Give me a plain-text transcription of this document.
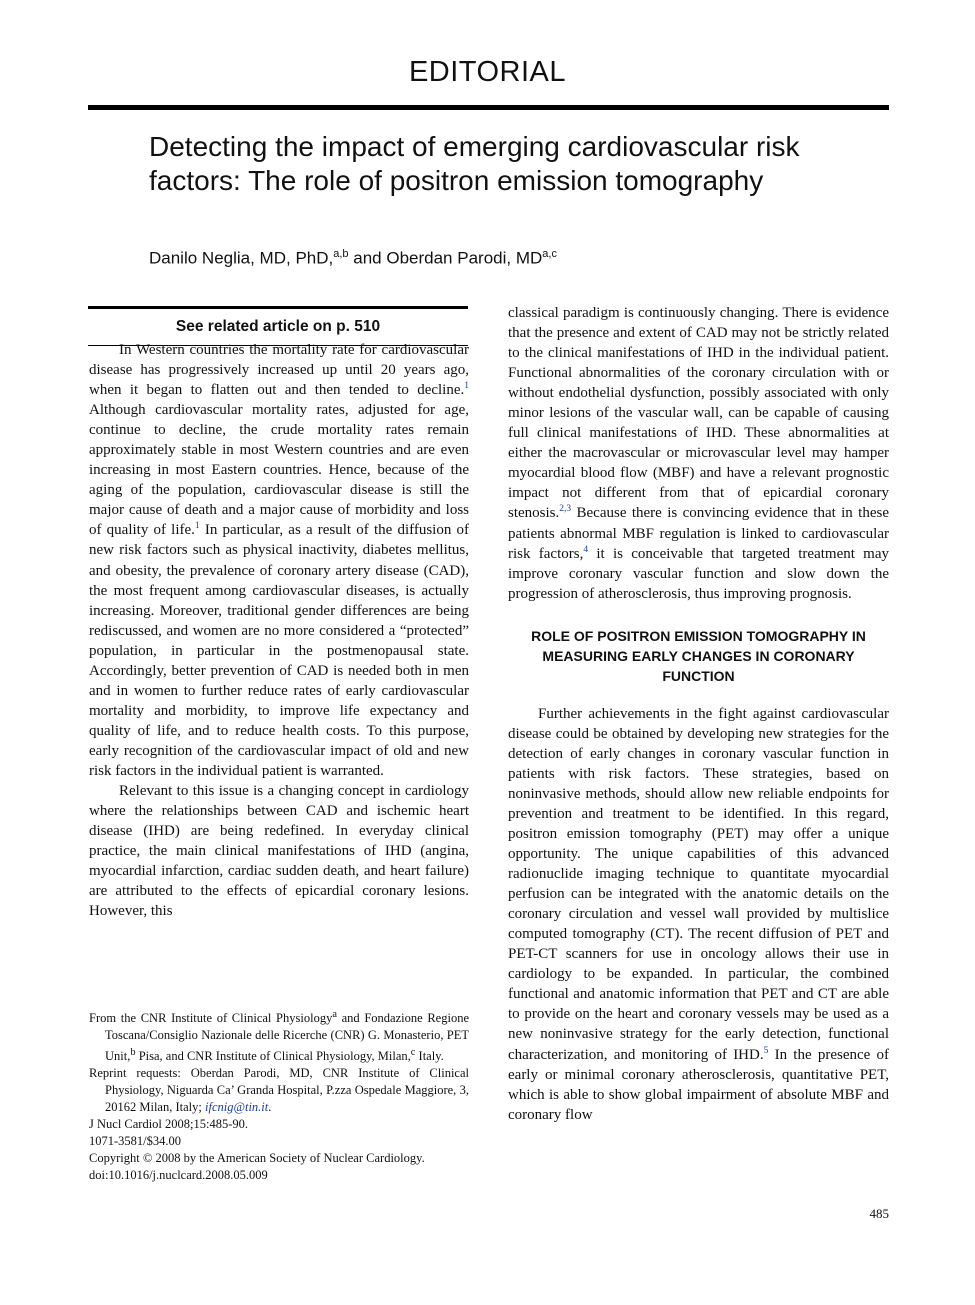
EDITORIAL
Detecting the impact of emerging cardiovascular risk factors: The role of positron emission tomography
Danilo Neglia, MD, PhD,$^{a,b}$ and Oberdan Parodi, MD$^{a,c}$
See related article on p. 510

In Western countries the mortality rate for cardiovascular disease has progressively increased up until 20 years ago, when it began to flatten out and then tended to decline.$^1$ Although cardiovascular mortality rates, adjusted for age, continue to decline, the crude mortality rates remain approximately stable in most Western countries and are even increasing in most Eastern countries. Hence, because of the aging of the population, cardiovascular disease is still the major cause of death and a major cause of morbidity and loss of quality of life.$^1$ In particular, as a result of the diffusion of new risk factors such as physical inactivity, diabetes mellitus, and obesity, the prevalence of coronary artery disease (CAD), the most frequent among cardiovascular diseases, is actually increasing. Moreover, traditional gender differences are being rediscussed, and women are no more considered a “protected” population, in particular in the postmenopausal state. Accordingly, better prevention of CAD is needed both in men and in women to further reduce rates of early cardiovascular mortality and morbidity, to improve life expectancy and quality of life, and to reduce health costs. To this purpose, early recognition of the cardiovascular impact of old and new risk factors in the individual patient is warranted.

Relevant to this issue is a changing concept in cardiology where the relationships between CAD and ischemic heart disease (IHD) are being redefined. In everyday clinical practice, the main clinical manifestations of IHD (angina, myocardial infarction, cardiac sudden death, and heart failure) are attributed to the effects of epicardial coronary lesions. However, this

From the CNR Institute of Clinical Physiology$^a$ and Fondazione Regione Toscana/Consiglio Nazionale delle Ricerche (CNR) G. Monasterio, PET Unit,$^b$ Pisa, and CNR Institute of Clinical Physiology, Milan,$^c$ Italy.

Reprint requests: Oberdan Parodi, MD, CNR Institute of Clinical Physiology, Niguarda Ca’ Granda Hospital, P.zza Ospedale Maggiore, 3, 20162 Milan, Italy; ifcnig@tin.it.

J Nucl Cardiol 2008;15:485-90.

1071-3581/$34.00

Copyright © 2008 by the American Society of Nuclear Cardiology.

doi:10.1016/j.nuclcard.2008.05.009

classical paradigm is continuously changing. There is evidence that the presence and extent of CAD may not be strictly related to the clinical manifestations of IHD in the individual patient. Functional abnormalities of the coronary circulation with or without endothelial dysfunction, possibly associated with only minor lesions of the vascular wall, can be capable of causing full clinical manifestations of IHD. These abnormalities at either the macrovascular or microvascular level may hamper myocardial blood flow (MBF) and have a relevant prognostic impact not different from that of epicardial coronary stenosis.$^{2,3}$ Because there is convincing evidence that in these patients abnormal MBF regulation is linked to cardiovascular risk factors,$^4$ it is conceivable that targeted treatment may improve coronary vascular function and slow down the progression of atherosclerosis, thus improving prognosis.

ROLE OF POSITRON EMISSION TOMOGRAPHY IN MEASURING EARLY CHANGES IN CORONARY FUNCTION

Further achievements in the fight against cardiovascular disease could be obtained by developing new strategies for the detection of early changes in coronary vascular function in patients with risk factors. These strategies, based on noninvasive methods, should allow new reliable endpoints for prevention and treatment to be identified. In this regard, positron emission tomography (PET) may offer a unique opportunity. The unique capabilities of this advanced radionuclide imaging technique to quantitate myocardial perfusion can be integrated with the anatomic details on the coronary circulation and vessel wall provided by multislice computed tomography (CT). The recent diffusion of PET and PET-CT scanners for use in oncology allows their use in cardiology to be expanded. In particular, the combined functional and anatomic information that PET and CT are able to provide on the heart and coronary vessels may be used as a new noninvasive strategy for the early detection, functional characterization, and monitoring of IHD.$^5$ In the presence of early or minimal coronary atherosclerosis, quantitative PET, which is able to show global impairment of absolute MBF and coronary flow

485
